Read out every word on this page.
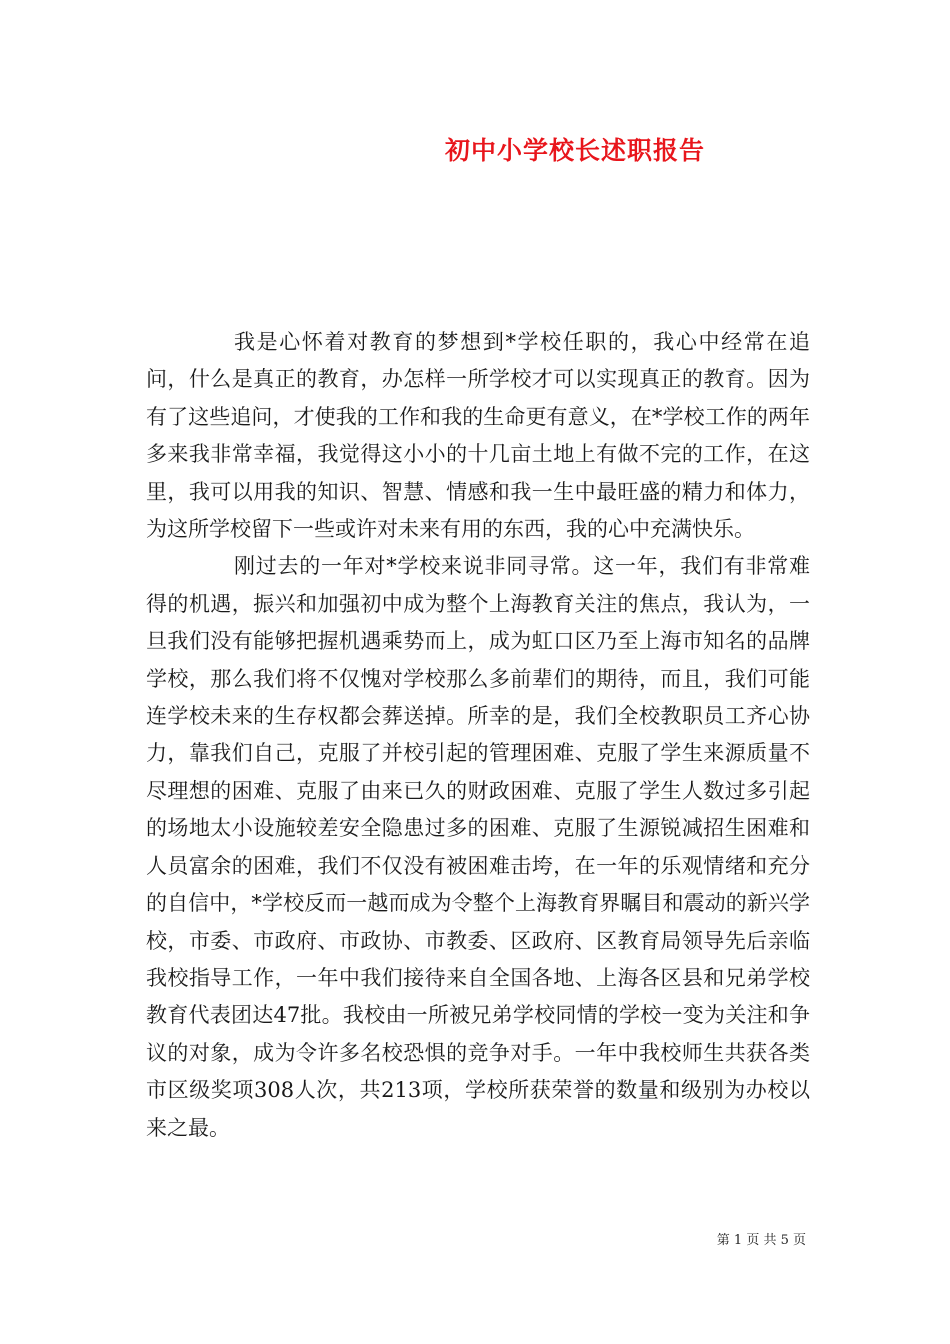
初中小学校长述职报告

我是心怀着对教育的梦想到*学校任职的，我心中经常在追问，什么是真正的教育，办怎样一所学校才可以实现真正的教育。因为有了这些追问，才使我的工作和我的生命更有意义，在*学校工作的两年多来我非常幸福，我觉得这小小的十几亩土地上有做不完的工作，在这里，我可以用我的知识、智慧、情感和我一生中最旺盛的精力和体力，为这所学校留下一些或许对未来有用的东西，我的心中充满快乐。

刚过去的一年对*学校来说非同寻常。这一年，我们有非常难得的机遇，振兴和加强初中成为整个上海教育关注的焦点，我认为，一旦我们没有能够把握机遇乘势而上，成为虹口区乃至上海市知名的品牌学校，那么我们将不仅愧对学校那么多前辈们的期待，而且，我们可能连学校未来的生存权都会葬送掉。所幸的是，我们全校教职员工齐心协力，靠我们自己，克服了并校引起的管理困难、克服了学生来源质量不尽理想的困难、克服了由来已久的财政困难、克服了学生人数过多引起的场地太小设施较差安全隐患过多的困难、克服了生源锐减招生困难和人员富余的困难，我们不仅没有被困难击垮，在一年的乐观情绪和充分的自信中，*学校反而一越而成为令整个上海教育界瞩目和震动的新兴学校，市委、市政府、市政协、市教委、区政府、区教育局领导先后亲临我校指导工作，一年中我们接待来自全国各地、上海各区县和兄弟学校教育代表团达47批。我校由一所被兄弟学校同情的学校一变为关注和争议的对象，成为令许多名校恐惧的竞争对手。一年中我校师生共获各类市区级奖项308人次，共213项，学校所获荣誉的数量和级别为办校以来之最。

第 1 页 共 5 页
